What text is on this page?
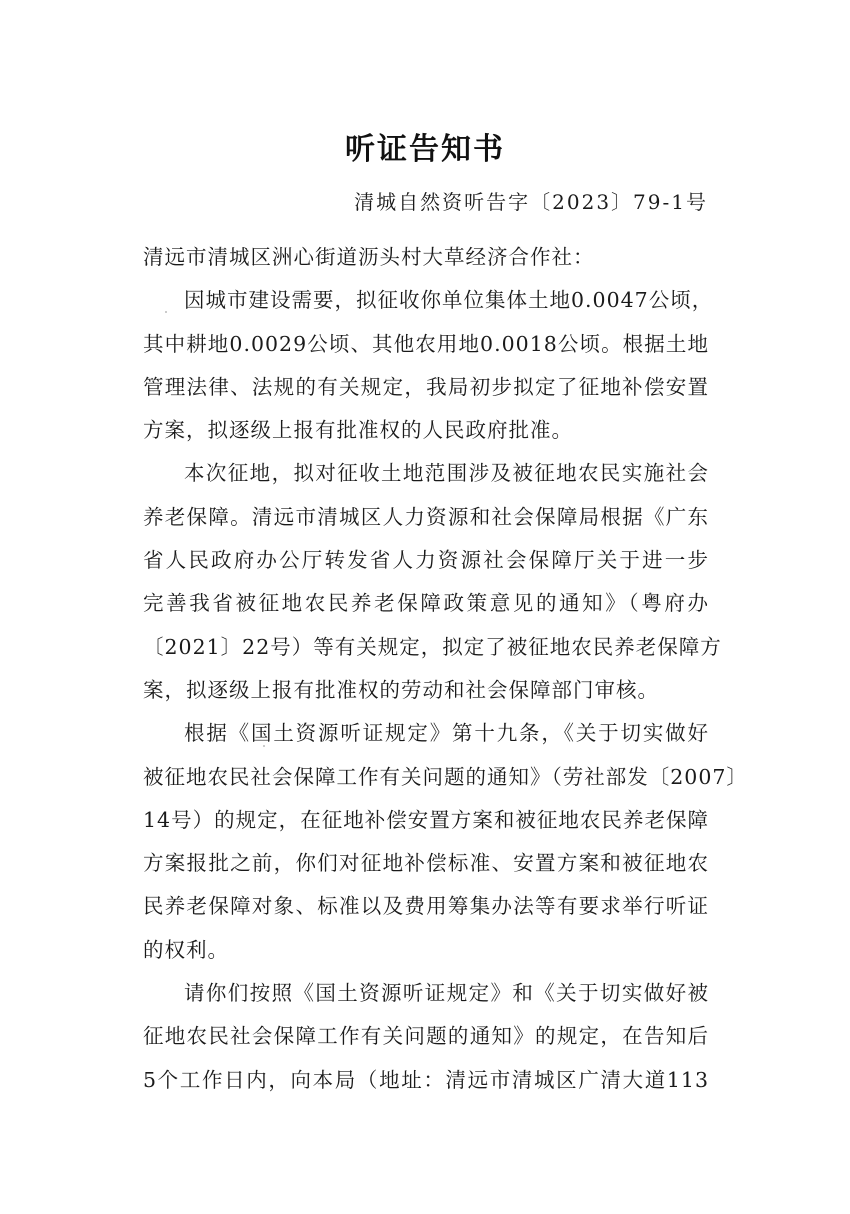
听证告知书
清城自然资听告字〔2023〕79-1号
清远市清城区洲心街道沥头村大草经济合作社：
因城市建设需要，拟征收你单位集体土地0.0047公顷，
其中耕地0.0029公顷、其他农用地0.0018公顷。根据土地
管理法律、法规的有关规定，我局初步拟定了征地补偿安置
方案，拟逐级上报有批准权的人民政府批准。
本次征地，拟对征收土地范围涉及被征地农民实施社会
养老保障。清远市清城区人力资源和社会保障局根据《广东
省人民政府办公厅转发省人力资源社会保障厅关于进一步
完善我省被征地农民养老保障政策意见的通知》（粤府办
〔2021〕22号）等有关规定，拟定了被征地农民养老保障方
案，拟逐级上报有批准权的劳动和社会保障部门审核。
根据《国土资源听证规定》第十九条，《关于切实做好
被征地农民社会保障工作有关问题的通知》（劳社部发〔2007〕
14号）的规定，在征地补偿安置方案和被征地农民养老保障
方案报批之前，你们对征地补偿标准、安置方案和被征地农
民养老保障对象、标准以及费用筹集办法等有要求举行听证
的权利。
请你们按照《国土资源听证规定》和《关于切实做好被
征地农民社会保障工作有关问题的通知》的规定，在告知后
5个工作日内，向本局（地址：清远市清城区广清大道113
